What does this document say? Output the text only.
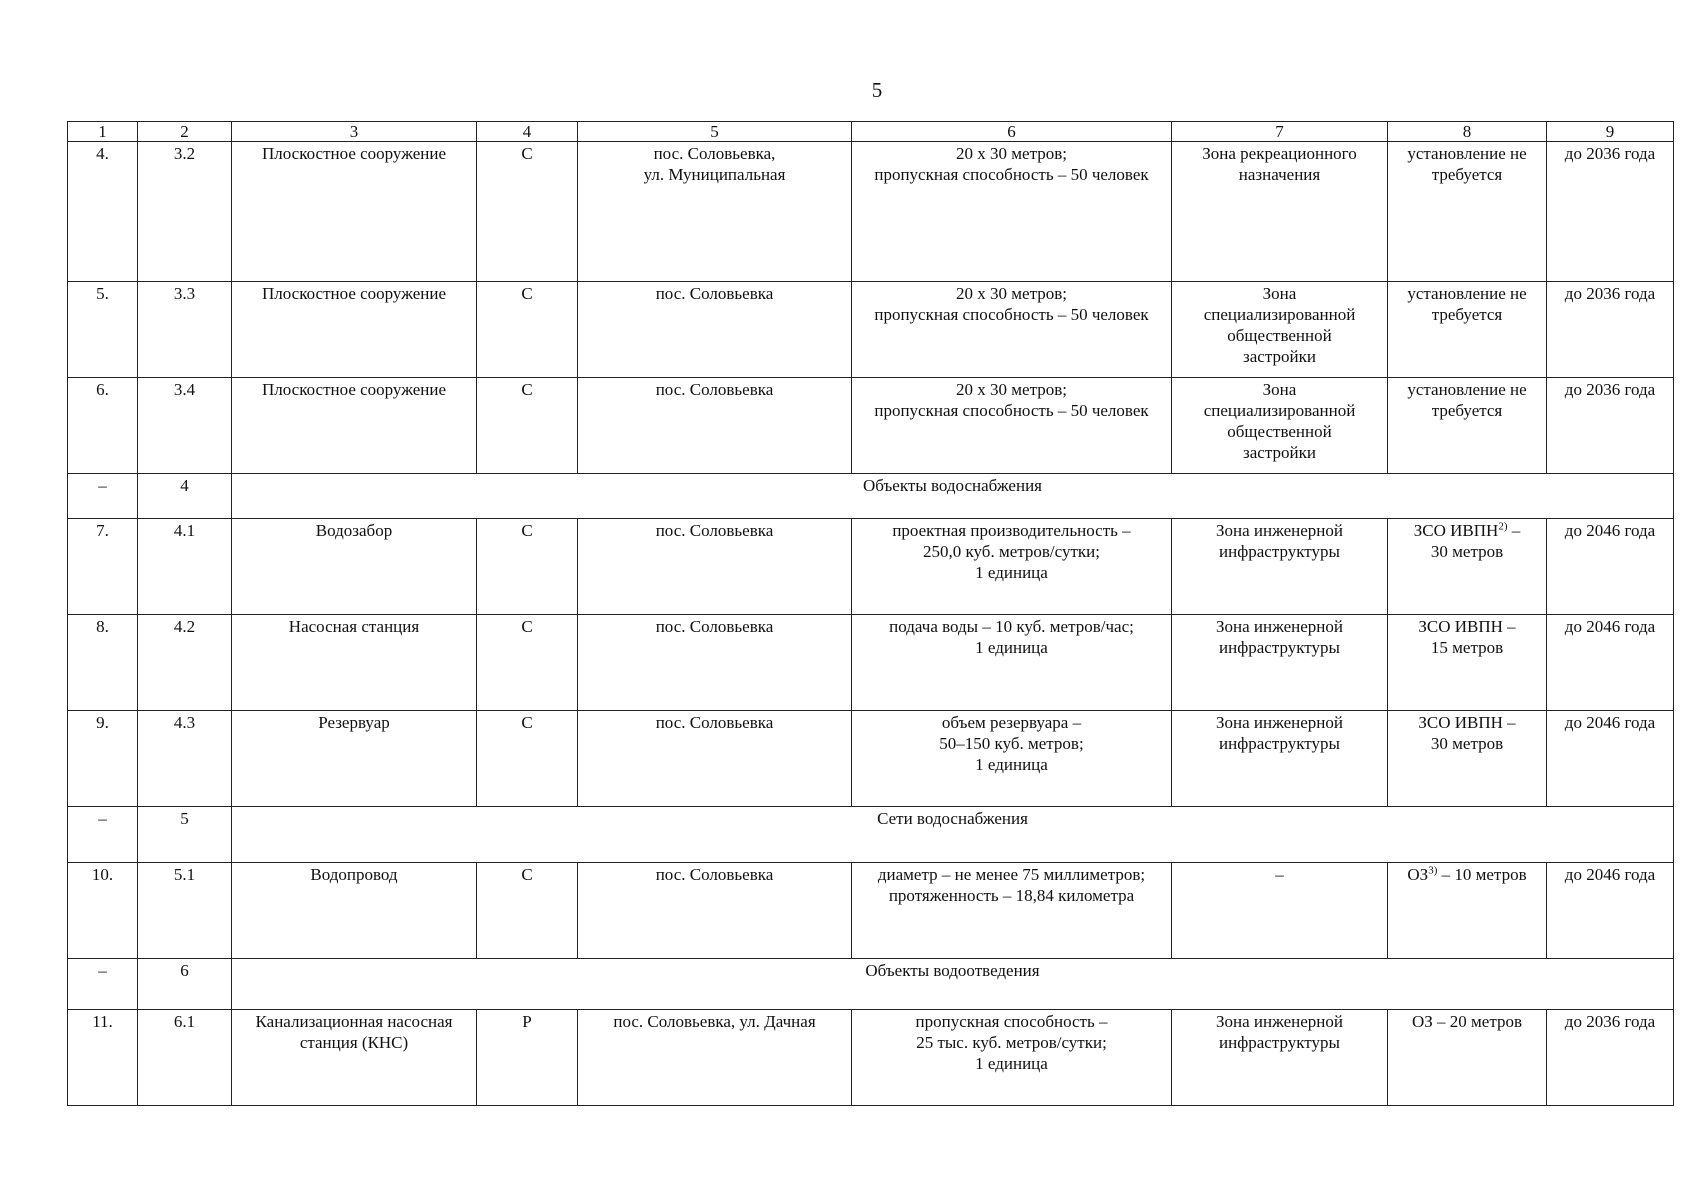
5
1	2	3	4	5	6	7	8	9
4.	3.2	Плоскостное сооружение	С	пос. Соловьевка,
ул. Муниципальная	20 х 30 метров;
пропускная способность – 50 человек	Зона рекреационного
назначения	установление не
требуется	до 2036 года
5.	3.3	Плоскостное сооружение	С	пос. Соловьевка	20 х 30 метров;
пропускная способность – 50 человек	Зона
специализированной
общественной
застройки	установление не
требуется	до 2036 года
6.	3.4	Плоскостное сооружение	С	пос. Соловьевка	20 х 30 метров;
пропускная способность – 50 человек	Зона
специализированной
общественной
застройки	установление не
требуется	до 2036 года
–	4	Объекты водоснабжения						
7.	4.1	Водозабор	С	пос. Соловьевка	проектная производительность –
250,0 куб. метров/сутки;
1 единица	Зона инженерной
инфраструктуры	ЗСО ИВПН$^{2)}$ –
30 метров	до 2046 года
8.	4.2	Насосная станция	С	пос. Соловьевка	подача воды – 10 куб. метров/час;
1 единица	Зона инженерной
инфраструктуры	ЗСО ИВПН –
15 метров	до 2046 года
9.	4.3	Резервуар	С	пос. Соловьевка	объем резервуара –
50–150 куб. метров;
1 единица	Зона инженерной
инфраструктуры	ЗСО ИВПН –
30 метров	до 2046 года
–	5	Сети водоснабжения						
10.	5.1	Водопровод	С	пос. Соловьевка	диаметр – не менее 75 миллиметров;
протяженность – 18,84 километра	–	ОЗ$^{3)}$ – 10 метров	до 2046 года
–	6	Объекты водоотведения						
11.	6.1	Канализационная насосная станция (КНС)	Р	пос. Соловьевка, ул. Дачная	пропускная способность –
25 тыс. куб. метров/сутки;
1 единица	Зона инженерной
инфраструктуры	ОЗ – 20 метров	до 2036 года
